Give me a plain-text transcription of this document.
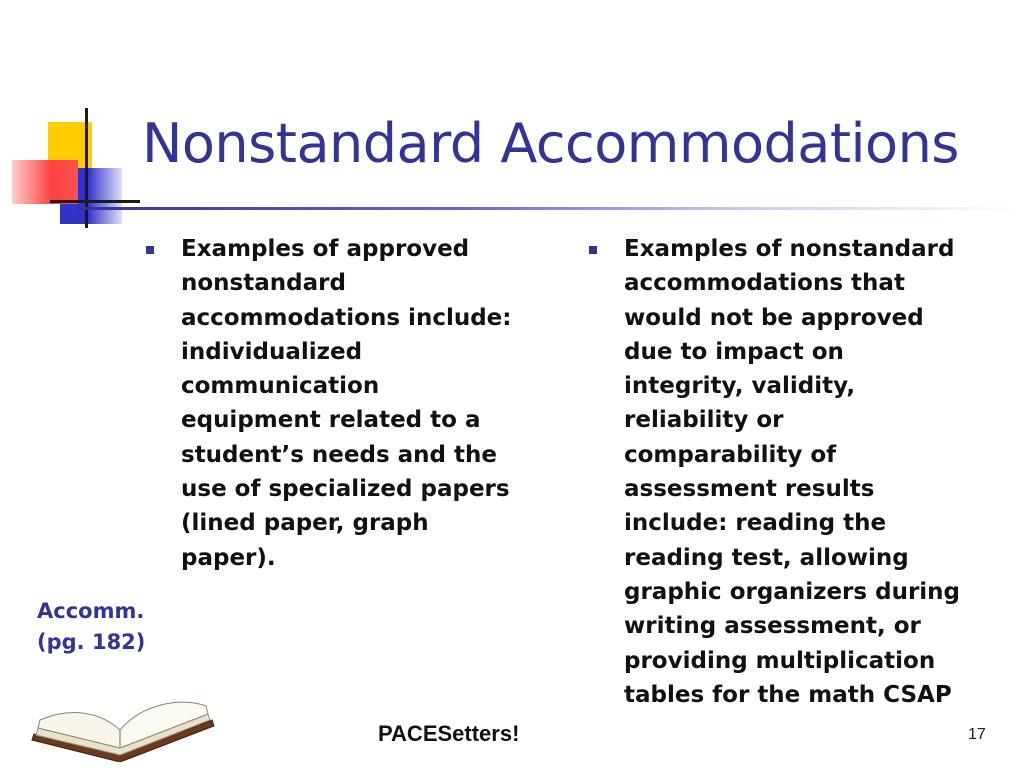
Nonstandard Accommodations
Examples of approved
nonstandard
accommodations include:
individualized
communication
equipment related to a
student’s needs and the
use of specialized papers
(lined paper, graph
paper).
Examples of nonstandard
accommodations that
would not be approved
due to impact on
integrity, validity,
reliability or
comparability of
assessment results
include: reading the
reading test, allowing
graphic organizers during
writing assessment, or
providing multiplication
tables for the math CSAP
Accomm.
(pg. 182)
PACESetters!	17
